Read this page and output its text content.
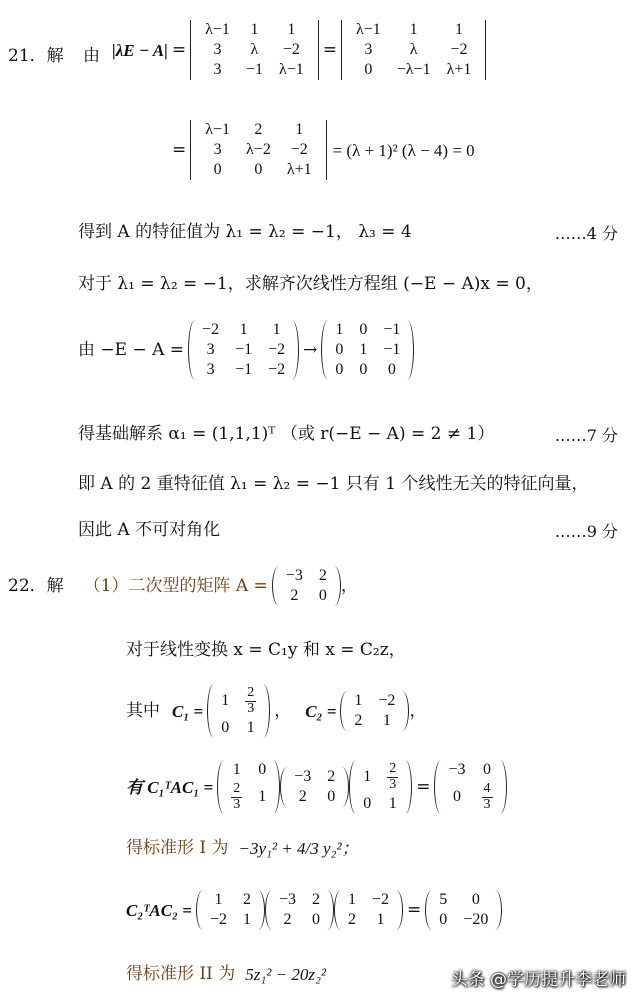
21．解 由 |λE − A| =
λ−1	1	1
3	λ	−2
3	−1	λ−1
=
λ−1	1	1
3	λ	−2
0	−λ−1	λ+1
=
λ−1	2	1
3	λ−2	−2
0	0	λ+1
= (λ + 1)² (λ − 4) = 0
得到 A 的特征值为 λ₁ = λ₂ = −1， λ₃ = 4	……4 分
对于 λ₁ = λ₂ = −1，求解齐次线性方程组 (−E − A)x = 0，
由 −E − A =
−2	1	1
3	−1	−2
3	−1	−2
→
1	0	−1
0	1	−1
0	0	0
得基础解系 α₁ = (1,1,1)ᵀ （或 r(−E − A) = 2 ≠ 1）	……7 分
即 A 的 2 重特征值 λ₁ = λ₂ = −1 只有 1 个线性无关的特征向量，
因此 A 不可对角化	……9 分
22．解 （1）二次型的矩阵 A = −3	2
2	0 ，
对于线性变换 x = C₁y 和 x = C₂z，
其中 C₁ =
1	$\frac{2}{3}$

0	1
， C₂ =
1	−2
2	1 ，
有 C₁ᵀAC₁ =
1	0

$\frac{2}{3}$	1
−3	2
2	0
1	$\frac{2}{3}$

0	1
=
−3	0
0	$\frac{4}{3}$
得标准形 I 为 −3y₁² + 4/3 y₂²；
C₂ᵀAC₂ =
1	2
−2	1
−3	2
2	0
1	−2
2	1 = 5	0
0	−20
得标准形 II 为 5z₁² − 20z₂²	头条 @学历提升李老师
